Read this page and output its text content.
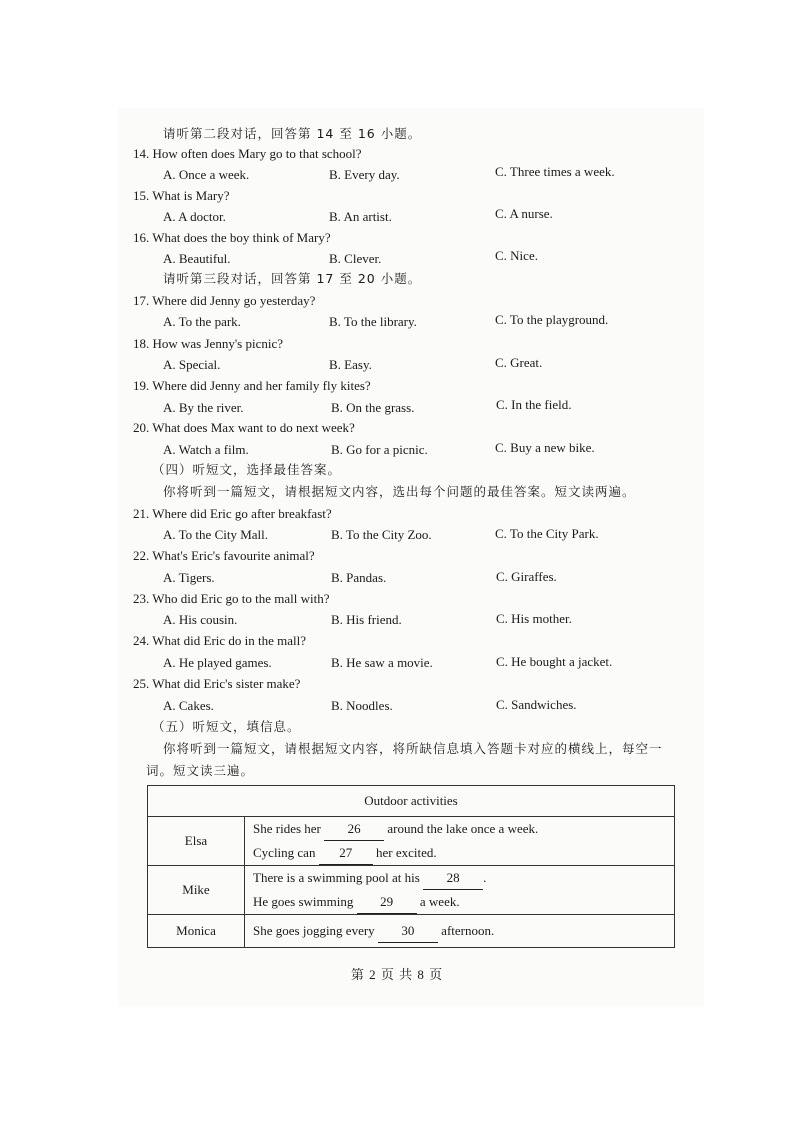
请听第二段对话，回答第 14 至 16 小题。
14. How often does Mary go to that school?
A. Once a week.	B. Every day.	C. Three times a week.
15. What is Mary?
A. A doctor.	B. An artist.	C. A nurse.
16. What does the boy think of Mary?
A. Beautiful.	B. Clever.	C. Nice.
请听第三段对话，回答第 17 至 20 小题。
17. Where did Jenny go yesterday?
A. To the park.	B. To the library.	C. To the playground.
18. How was Jenny's picnic?
A. Special.	B. Easy.	C. Great.
19. Where did Jenny and her family fly kites?
A. By the river.	B. On the grass.	C. In the field.
20. What does Max want to do next week?
A. Watch a film.	B. Go for a picnic.	C. Buy a new bike.
（四）听短文，选择最佳答案。
你将听到一篇短文，请根据短文内容，选出每个问题的最佳答案。短文读两遍。
21. Where did Eric go after breakfast?
A. To the City Mall.	B. To the City Zoo.	C. To the City Park.
22. What's Eric's favourite animal?
A. Tigers.	B. Pandas.	C. Giraffes.
23. Who did Eric go to the mall with?
A. His cousin.	B. His friend.	C. His mother.
24. What did Eric do in the mall?
A. He played games.	B. He saw a movie.	C. He bought a jacket.
25. What did Eric's sister make?
A. Cakes.	B. Noodles.	C. Sandwiches.
（五）听短文，填信息。
你将听到一篇短文，请根据短文内容，将所缺信息填入答题卡对应的横线上，每空一
词。短文读三遍。
Outdoor activities	
Elsa	She rides her 26 around the lake once a week.
Cycling can 27 her excited.

Mike	There is a swimming pool at his 28 .
He goes swimming 29 a week.

Monica	She goes jogging every 30 afternoon.
第 2 页 共 8 页
